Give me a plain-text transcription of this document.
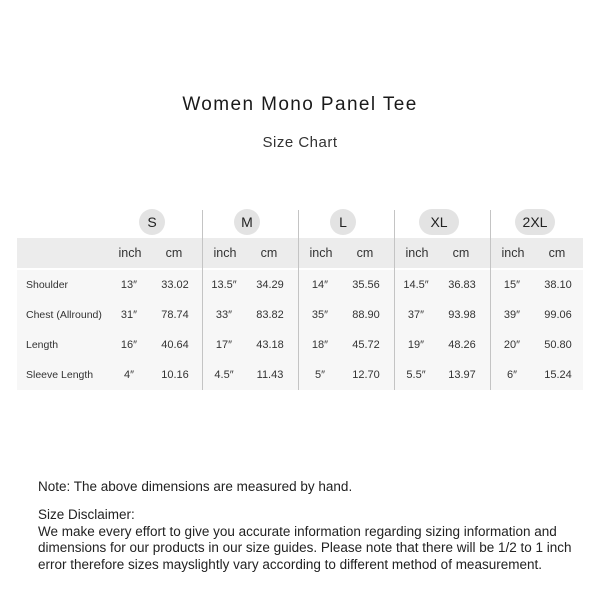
Women Mono Panel Tee
Size Chart
S	M	L	XL	2XL
inch	cm	inch	cm	inch	cm	inch	cm	inch	cm
Shoulder	13″	33.02	13.5″	34.29	14″	35.56	14.5″	36.83	15″	38.10
Chest (Allround)	31″	78.74	33″	83.82	35″	88.90	37″	93.98	39″	99.06
Length	16″	40.64	17″	43.18	18″	45.72	19″	48.26	20″	50.80
Sleeve Length	4″	10.16	4.5″	11.43	5″	12.70	5.5″	13.97	6″	15.24
Note: The above dimensions are measured by hand.
Size Disclaimer:
We make every effort to give you accurate information regarding sizing information and dimensions for our products in our size guides. Please note that there will be 1/2 to 1 inch error therefore sizes mayslightly vary according to different method of measurement.
